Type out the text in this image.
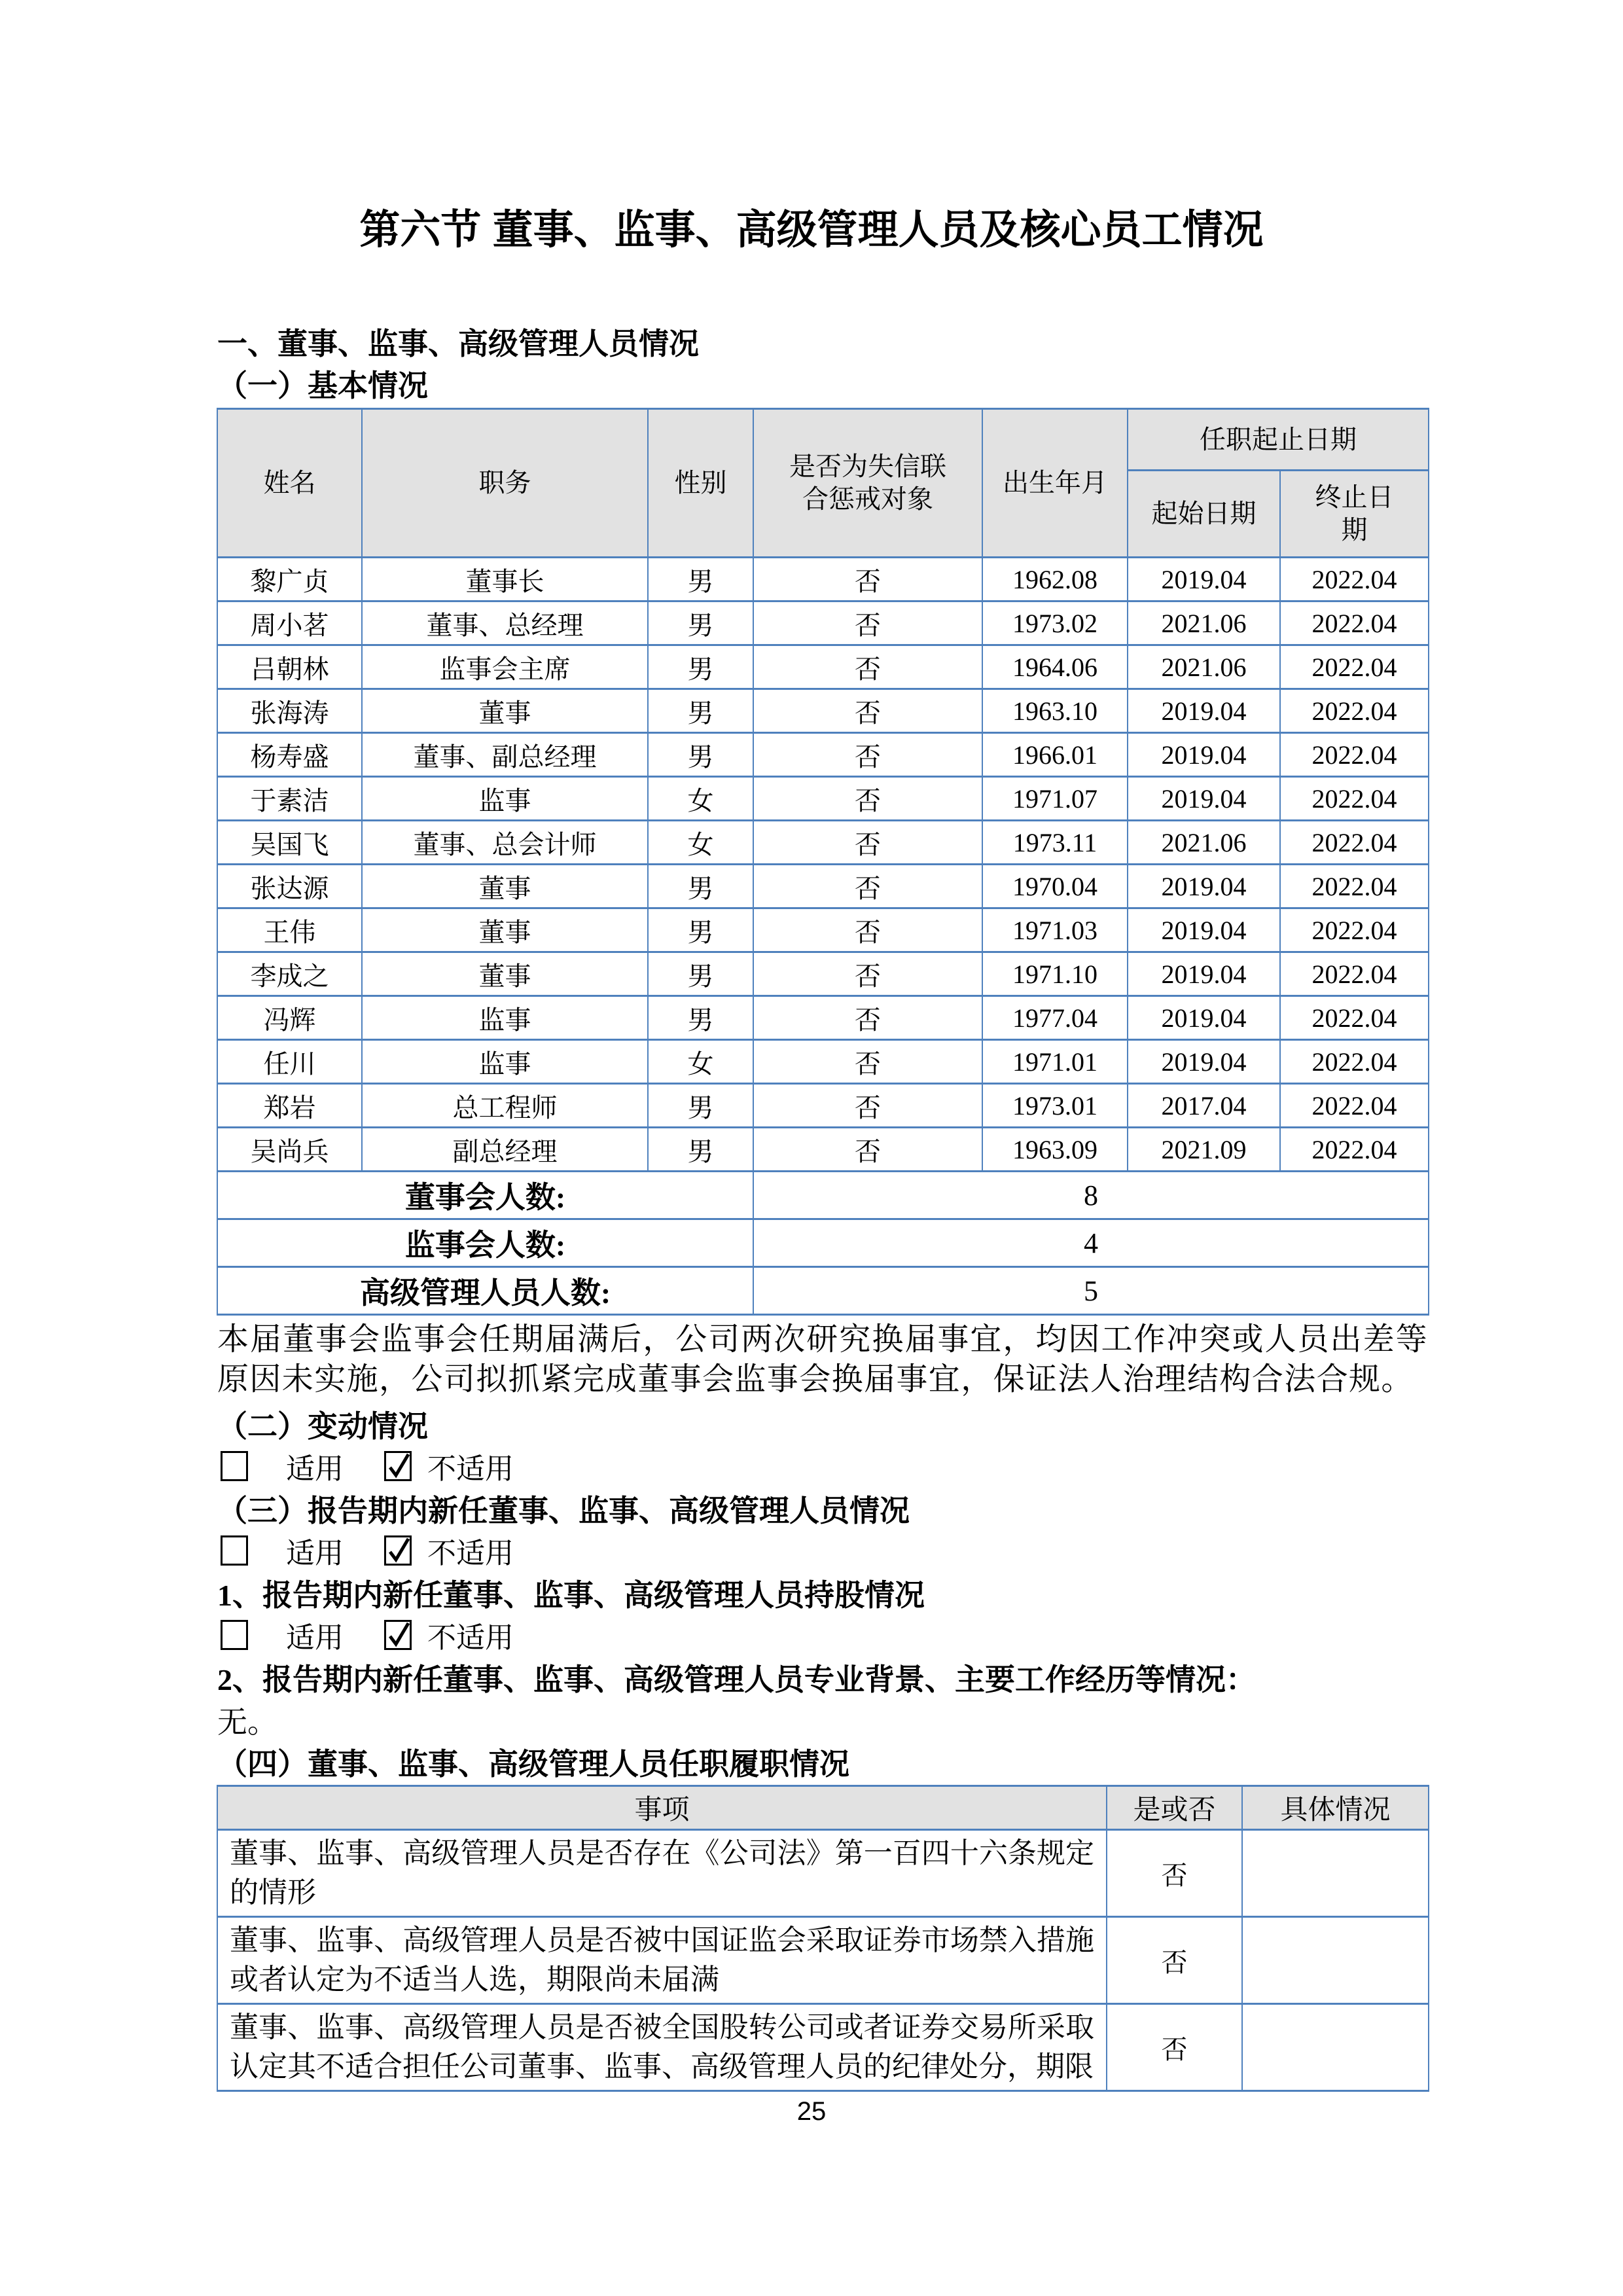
第六节 董事、监事、高级管理人员及核心员工情况
一、董事、监事、高级管理人员情况
（一）基本情况
姓名	职务	性别	是否为失信联
合惩戒对象	出生年月	任职起止日期	
					起始日期	终止日
期
黎广贞	董事长	男	否	1962.08	2019.04	2022.04
周小茗	董事、总经理	男	否	1973.02	2021.06	2022.04
吕朝林	监事会主席	男	否	1964.06	2021.06	2022.04
张海涛	董事	男	否	1963.10	2019.04	2022.04
杨寿盛	董事、副总经理	男	否	1966.01	2019.04	2022.04
于素洁	监事	女	否	1971.07	2019.04	2022.04
吴国飞	董事、总会计师	女	否	1973.11	2021.06	2022.04
张达源	董事	男	否	1970.04	2019.04	2022.04
王伟	董事	男	否	1971.03	2019.04	2022.04
李成之	董事	男	否	1971.10	2019.04	2022.04
冯辉	监事	男	否	1977.04	2019.04	2022.04
任川	监事	女	否	1971.01	2019.04	2022.04
郑岩	总工程师	男	否	1973.01	2017.04	2022.04
吴尚兵	副总经理	男	否	1963.09	2021.09	2022.04
董事会人数:			8			
监事会人数:			4			
高级管理人员人数:			5			
本届董事会监事会任期届满后，公司两次研究换届事宜，均因工作冲突或人员出差等原因未实施，公司拟抓紧完成董事会监事会换届事宜，保证法人治理结构合法合规。
（二）变动情况
适用	不适用
（三）报告期内新任董事、监事、高级管理人员情况
适用	不适用
1、报告期内新任董事、监事、高级管理人员持股情况
适用	不适用
2、报告期内新任董事、监事、高级管理人员专业背景、主要工作经历等情况：
无。
（四）董事、监事、高级管理人员任职履职情况
事项	是或否	具体情况
董事、监事、高级管理人员是否存在《公司法》第一百四十六条规定的情形	否	
董事、监事、高级管理人员是否被中国证监会采取证券市场禁入措施或者认定为不适当人选，期限尚未届满	否	
董事、监事、高级管理人员是否被全国股转公司或者证券交易所采取认定其不适合担任公司董事、监事、高级管理人员的纪律处分，期限	否	
25
